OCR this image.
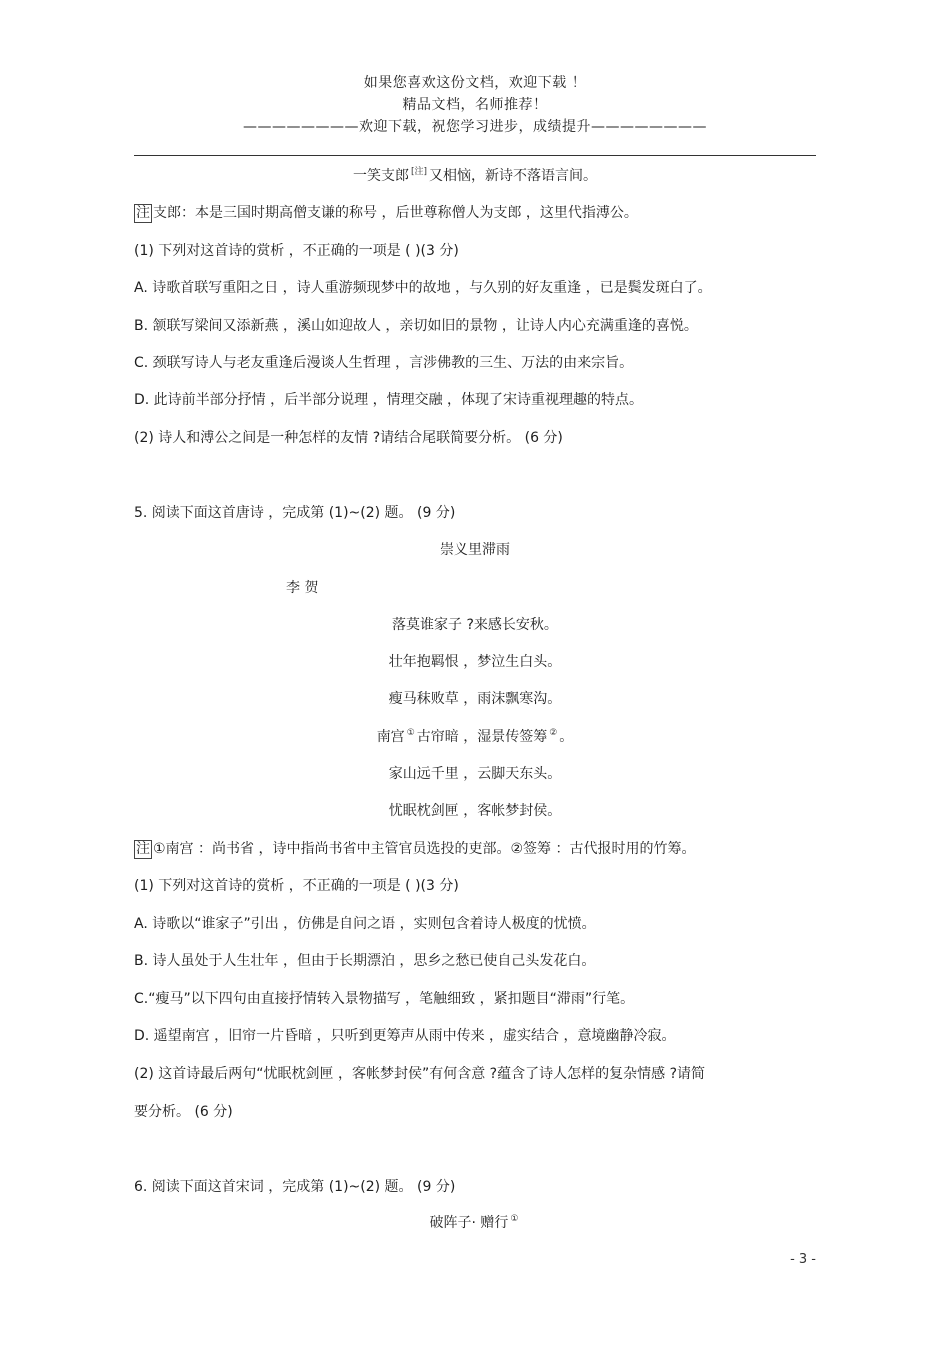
如果您喜欢这份文档，欢迎下载 ！
精品文档，名师推荐！
————————欢迎下载，祝您学习进步，成绩提升————————
一笑支郎 [注] 又相恼，新诗不落语言间。
注 支郎：本是三国时期高僧支谦的称号 ，后世尊称僧人为支郎 ，这里代指溥公。
(1) 下列对这首诗的赏析 ，不正确的一项是 ( )(3 分)
A. 诗歌首联写重阳之日 ，诗人重游频现梦中的故地 ，与久别的好友重逢 ，已是鬓发斑白了。
B. 颔联写梁间又添新燕 ，溪山如迎故人 ，亲切如旧的景物 ，让诗人内心充满重逢的喜悦。
C. 颈联写诗人与老友重逢后漫谈人生哲理 ，言涉佛教的三生、万法的由来宗旨。
D. 此诗前半部分抒情 ，后半部分说理 ，情理交融 ，体现了宋诗重视理趣的特点。
(2) 诗人和溥公之间是一种怎样的友情 ?请结合尾联简要分析。 (6 分)
5. 阅读下面这首唐诗 ，完成第 (1)~(2) 题。 (9 分)
崇义里滞雨
李 贺
落莫谁家子 ?来感长安秋。
壮年抱羁恨 ，梦泣生白头。
瘦马秣败草 ，雨沫飘寒沟。
南宫 ① 古帘暗 ，湿景传签筹 ② 。
家山远千里 ，云脚天东头。
忧眠枕剑匣 ，客帐梦封侯。
注 ①南宫 ：尚书省 ，诗中指尚书省中主管官员选投的吏部。②签筹 ：古代报时用的竹筹。
(1) 下列对这首诗的赏析 ，不正确的一项是 ( )(3 分)
A. 诗歌以“谁家子”引出 ，仿佛是自问之语 ，实则包含着诗人极度的忧愤。
B. 诗人虽处于人生壮年 ，但由于长期漂泊 ，思乡之愁已使自己头发花白。
C.“瘦马”以下四句由直接抒情转入景物描写 ，笔触细致 ，紧扣题目“滞雨”行笔。
D. 遥望南宫 ，旧帘一片昏暗 ，只听到更筹声从雨中传来 ，虚实结合 ，意境幽静冷寂。
(2) 这首诗最后两句“忧眠枕剑匣 ，客帐梦封侯”有何含意 ?蕴含了诗人怎样的复杂情感 ?请简
要分析。 (6 分)
6. 阅读下面这首宋词 ，完成第 (1)~(2) 题。 (9 分)
破阵子· 赠行 ①
- 3 -
